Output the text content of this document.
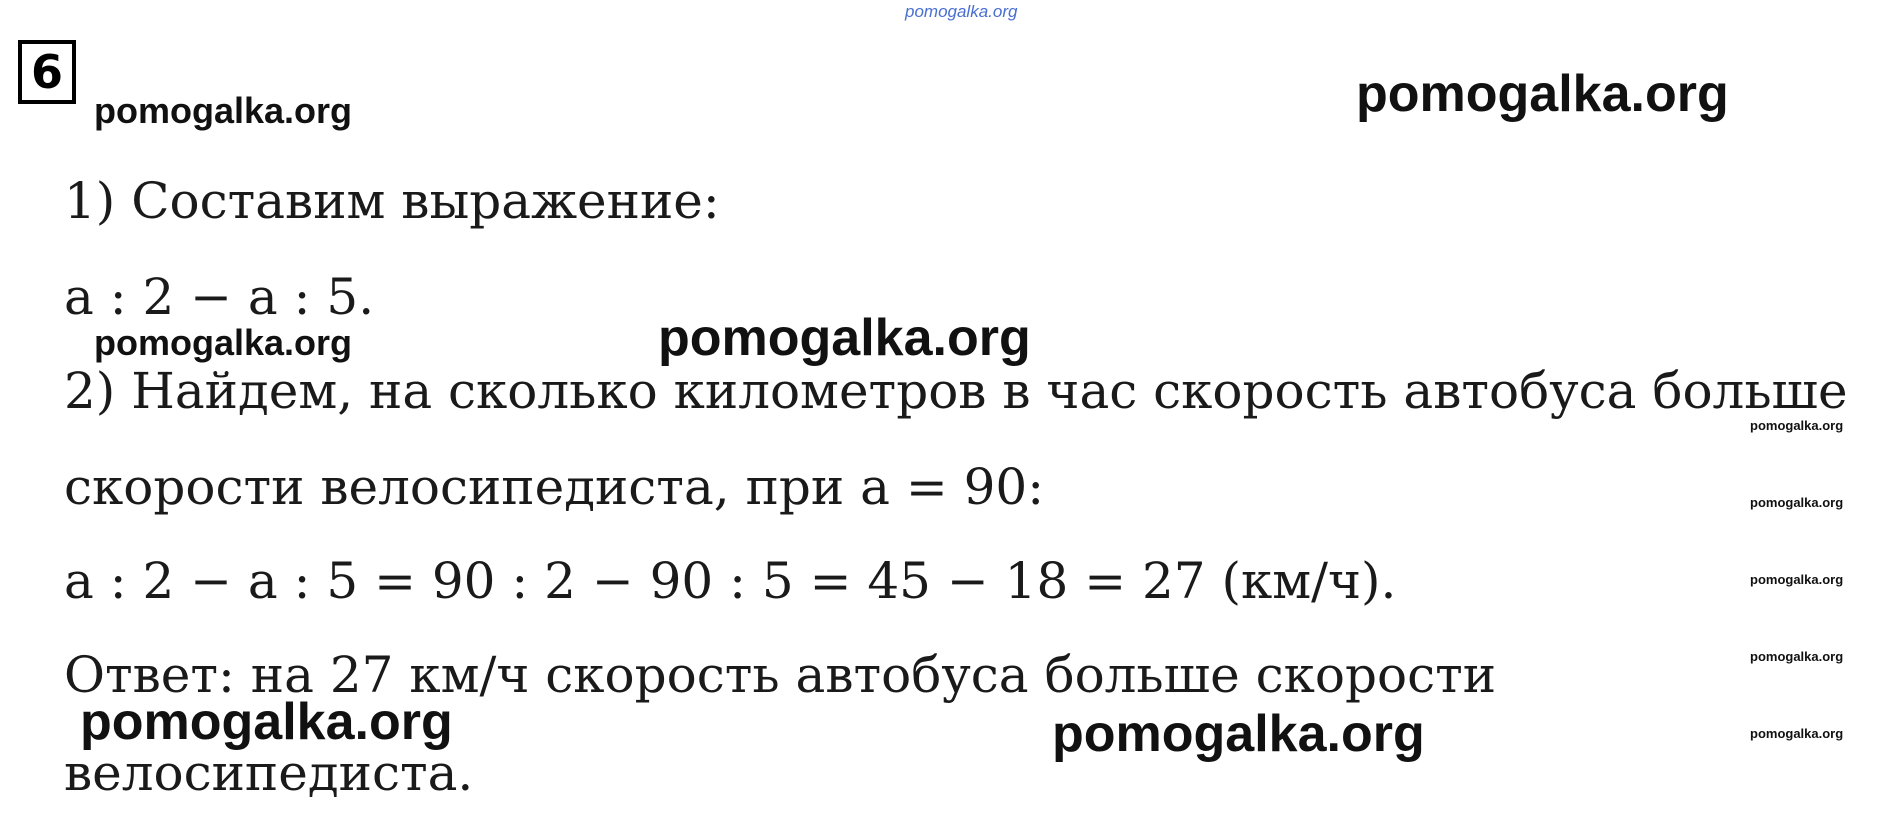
6
pomogalka.org
pomogalka.org	pomogalka.org
pomogalka.org	pomogalka.org
pomogalka.org	pomogalka.org
pomogalka.org
pomogalka.org
pomogalka.org
pomogalka.org
pomogalka.org
1) Составим выражение:
a : 2 − a : 5.
2) Найдем, на сколько километров в час скорость автобуса больше
скорости велосипедиста, при a = 90:
a : 2 − a : 5 = 90 : 2 − 90 : 5 = 45 − 18 = 27 (км/ч).
Ответ: на 27 км/ч скорость автобуса больше скорости
велосипедиста.
